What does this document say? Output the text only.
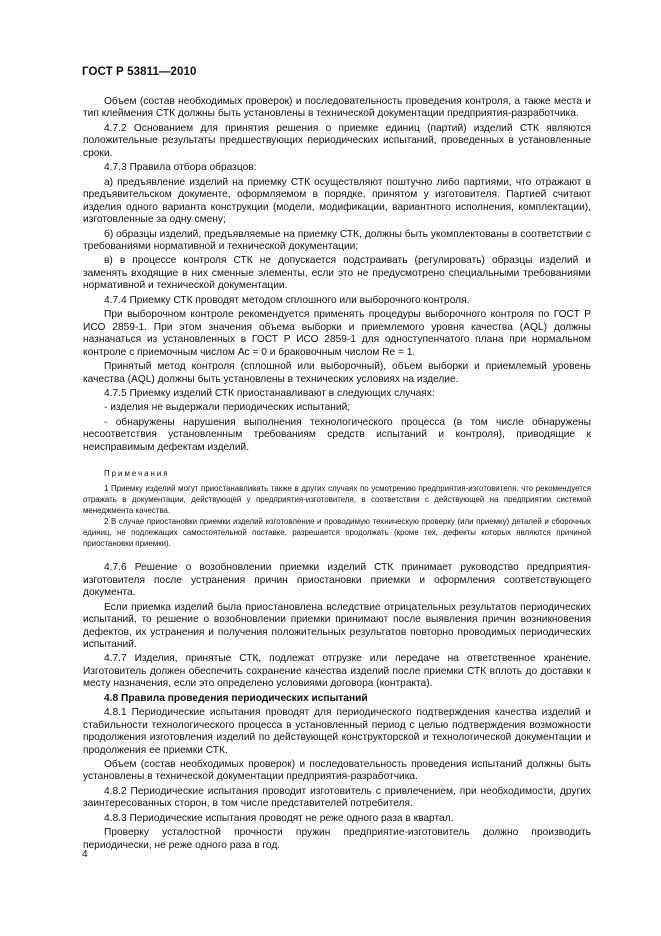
ГОСТ Р 53811—2010

Объем (состав необходимых проверок) и последовательность проведения контроля, а также места и тип клеймения СТК должны быть установлены в технической документации предприятия-разработчика.

4.7.2 Основанием для принятия решения о приемке единиц (партий) изделий СТК являются положительные результаты предшествующих периодических испытаний, проведенных в установленные сроки.

4.7.3 Правила отбора образцов:

а) предъявление изделий на приемку СТК осуществляют поштучно либо партиями, что отражают в предъявительском документе, оформляемом в порядке, принятом у изготовителя. Партией считают изделия одного варианта конструкции (модели, модификации, вариантного исполнения, комплектации), изготовленные за одну смену;

б) образцы изделий, предъявляемые на приемку СТК, должны быть укомплектованы в соответствии с требованиями нормативной и технической документации;

в) в процессе контроля СТК не допускается подстраивать (регулировать) образцы изделий и заменять входящие в них сменные элементы, если это не предусмотрено специальными требованиями нормативной и технической документации.

4.7.4 Приемку СТК проводят методом сплошного или выборочного контроля.

При выборочном контроле рекомендуется применять процедуры выборочного контроля по ГОСТ Р ИСО 2859-1. При этом значения объема выборки и приемлемого уровня качества (AQL) должны назначаться из установленных в ГОСТ Р ИСО 2859-1 для одноступенчатого плана при нормальном контроле с приемочным числом Ac = 0 и браковочным числом Re = 1.

Принятый метод контроля (сплошной или выборочный), объем выборки и приемлемый уровень качества (AQL) должны быть установлены в технических условиях на изделие.

4.7.5 Приемку изделий СТК приостанавливают в следующих случаях:

- изделия не выдержали периодических испытаний;

- обнаружены нарушения выполнения технологического процесса (в том числе обнаружены несоответствия установленным требованиям средств испытаний и контроля), приводящие к неисправимым дефектам изделий.

Примечания

1 Приемку изделий могут приостанавливать также в других случаях по усмотрению предприятия-изготовителя, что рекомендуется отражать в документации, действующей у предприятия-изготовителя, в соответствии с действующей на предприятии системой менеджмента качества.

2 В случае приостановки приемки изделий изготовление и проводимую техническую проверку (или приемку) деталей и сборочных единиц, не подлежащих самостоятельной поставке, разрешается продолжать (кроме тех, дефекты которых являются причиной приостановки приемки).

4.7.6 Решение о возобновлении приемки изделий СТК принимает руководство предприятия-изготовителя после устранения причин приостановки приемки и оформления соответствующего документа.

Если приемка изделий была приостановлена вследствие отрицательных результатов периодических испытаний, то решение о возобновлении приемки принимают после выявления причин возникновения дефектов, их устранения и получения положительных результатов повторно проводимых периодических испытаний.

4.7.7 Изделия, принятые СТК, подлежат отгрузке или передаче на ответственное хранение. Изготовитель должен обеспечить сохранение качества изделий после приемки СТК вплоть до доставки к месту назначения, если это определено условиями договора (контракта).

4.8 Правила проведения периодических испытаний

4.8.1 Периодические испытания проводят для периодического подтверждения качества изделий и стабильности технологического процесса в установленный период с целью подтверждения возможности продолжения изготовления изделий по действующей конструкторской и технологической документации и продолжения ее приемки СТК.

Объем (состав необходимых проверок) и последовательность проведения испытаний должны быть установлены в технической документации предприятия-разработчика.

4.8.2 Периодические испытания проводит изготовитель с привлечением, при необходимости, других заинтересованных сторон, в том числе представителей потребителя.

4.8.3 Периодические испытания проводят не реже одного раза в квартал.

Проверку усталостной прочности пружин предприятие-изготовитель должно производить периодически, не реже одного раза в год.

4
